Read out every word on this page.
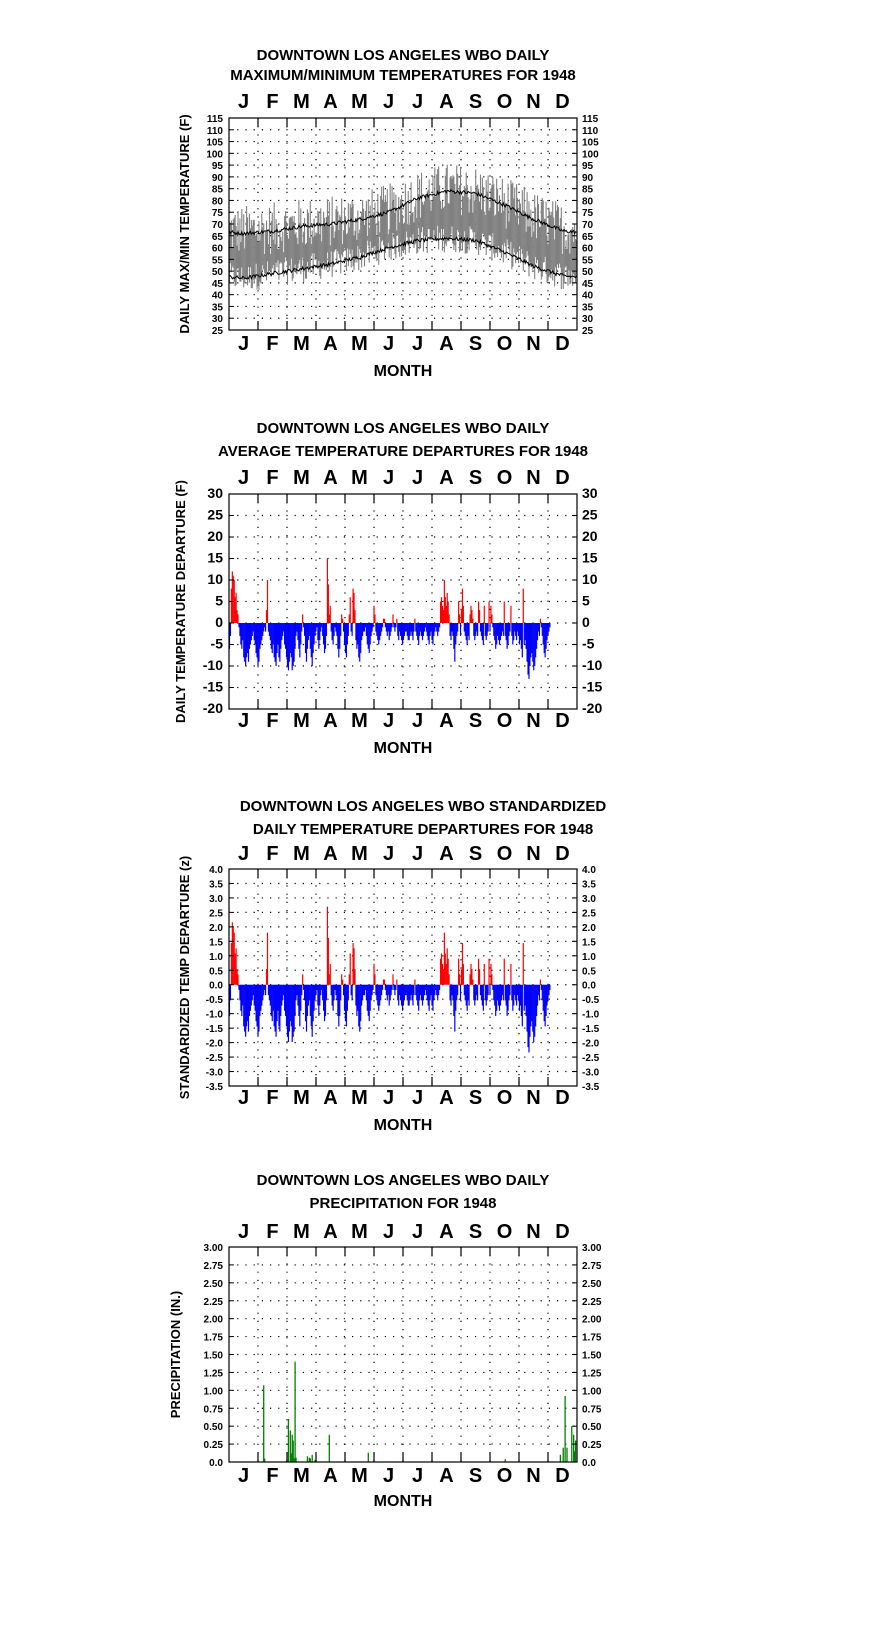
DOWNTOWN LOS ANGELES WBO DAILY
MAXIMUM/MINIMUM TEMPERATURES FOR 1948
25	25
30	30
35	35
40	40
45	45
50	50
55	55
60	60
65	65
70	70
75	75
80	80
85	85
90	90
95	95
100	100
105	105
110	110
115	115
J
J
F
F
M
M
A
A
M
M
J
J
J
J
A
A
S
S
O
O
N
N
D
D
MONTH
DAILY MAX/MIN TEMPERATURE (F)
DOWNTOWN LOS ANGELES WBO DAILY
AVERAGE TEMPERATURE DEPARTURES FOR 1948
-20	-20
-15	-15
-10	-10
-5	-5
0	0
5	5
10	10
15	15
20	20
25	25
30	30
J
J
F
F
M
M
A
A
M
M
J
J
J
J
A
A
S
S
O
O
N
N
D
D
MONTH
DAILY TEMPERATURE DEPARTURE (F)
DOWNTOWN LOS ANGELES WBO STANDARDIZED
DAILY TEMPERATURE DEPARTURES FOR 1948
-3.5	-3.5
-3.0	-3.0
-2.5	-2.5
-2.0	-2.0
-1.5	-1.5
-1.0	-1.0
-0.5	-0.5
0.0	0.0
0.5	0.5
1.0	1.0
1.5	1.5
2.0	2.0
2.5	2.5
3.0	3.0
3.5	3.5
4.0	4.0
J
J
F
F
M
M
A
A
M
M
J
J
J
J
A
A
S
S
O
O
N
N
D
D
MONTH
STANDARDIZED TEMP DEPARTURE (z)
DOWNTOWN LOS ANGELES WBO DAILY
PRECIPITATION FOR 1948
0.0	0.0
0.25	0.25
0.50	0.50
0.75	0.75
1.00	1.00
1.25	1.25
1.50	1.50
1.75	1.75
2.00	2.00
2.25	2.25
2.50	2.50
2.75	2.75
3.00	3.00
J
J
F
F
M
M
A
A
M
M
J
J
J
J
A
A
S
S
O
O
N
N
D
D
MONTH
PRECIPITATION (IN.)
